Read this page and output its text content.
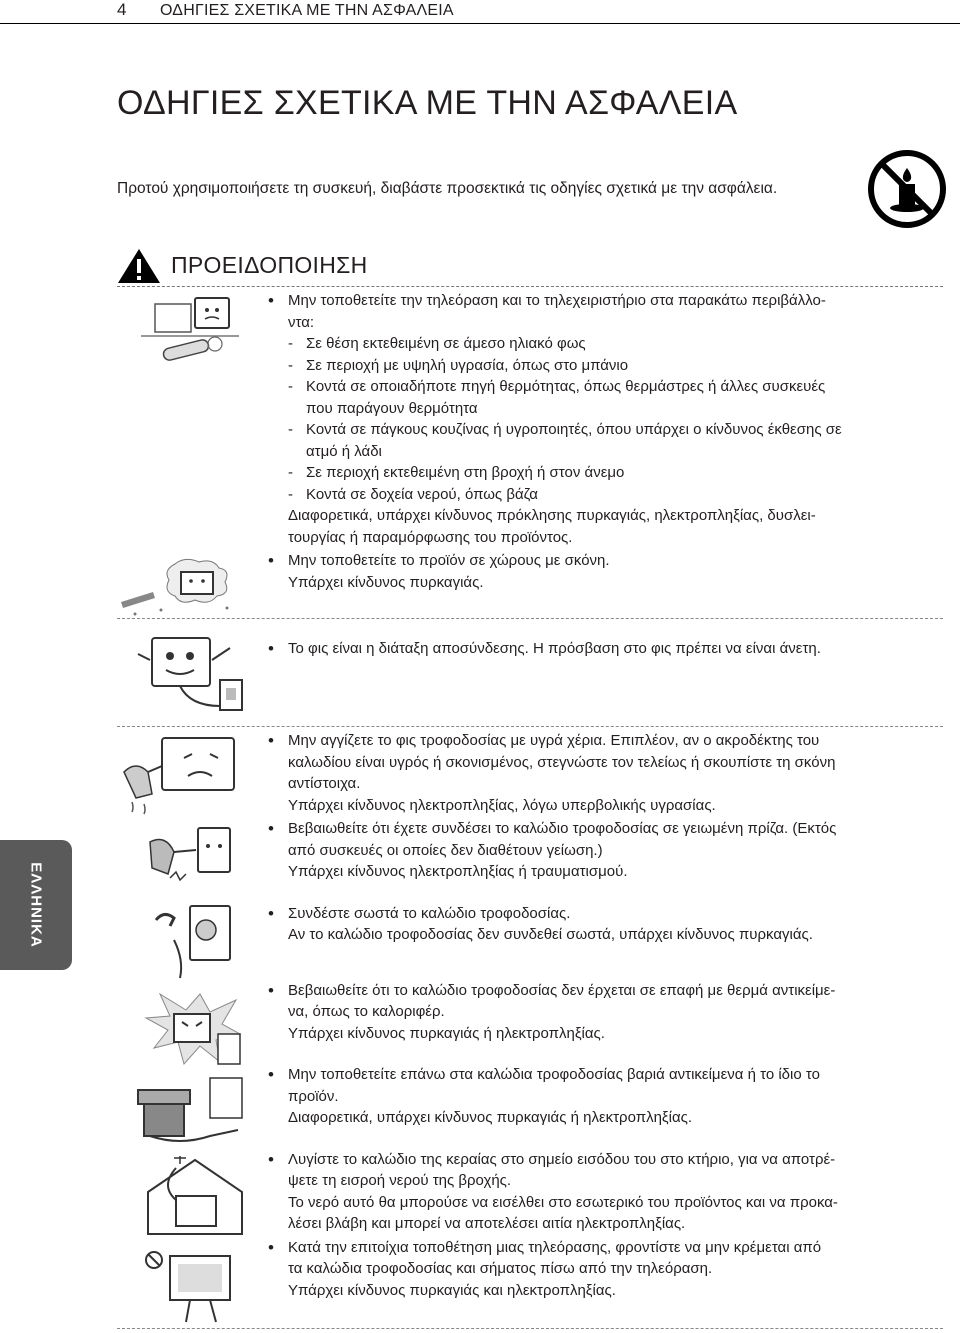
4 ΟΔΗΓΙΕΣ ΣΧΕΤΙΚΑ ΜΕ ΤΗΝ ΑΣΦΑΛΕΙΑ
ΟΔΗΓΙΕΣ ΣΧΕΤΙΚΑ ΜΕ ΤΗΝ ΑΣΦΑΛΕΙΑ
Προτού χρησιμοποιήσετε τη συσκευή, διαβάστε προσεκτικά τις οδηγίες σχετικά με την ασφάλεια.
ΠΡΟΕΙΔΟΠΟΙΗΣΗ
• Μην τοποθετείτε την τηλεόραση και το τηλεχειριστήριο στα παρακάτω περιβάλλο-
ντα:
- Σε θέση εκτεθειμένη σε άμεσο ηλιακό φως
- Σε περιοχή με υψηλή υγρασία, όπως στο μπάνιο
- Κοντά σε οποιαδήποτε πηγή θερμότητας, όπως θερμάστρες ή άλλες συσκευές
που παράγουν θερμότητα
- Κοντά σε πάγκους κουζίνας ή υγροποιητές, όπου υπάρχει ο κίνδυνος έκθεσης σε
ατμό ή λάδι
- Σε περιοχή εκτεθειμένη στη βροχή ή στον άνεμο
- Κοντά σε δοχεία νερού, όπως βάζα
Διαφορετικά, υπάρχει κίνδυνος πρόκλησης πυρκαγιάς, ηλεκτροπληξίας, δυσλει-
τουργίας ή παραμόρφωσης του προϊόντος.
• Μην τοποθετείτε το προϊόν σε χώρους με σκόνη.
Υπάρχει κίνδυνος πυρκαγιάς.
• Το φις είναι η διάταξη αποσύνδεσης. Η πρόσβαση στο φις πρέπει να είναι άνετη.
• Μην αγγίζετε το φις τροφοδοσίας με υγρά χέρια. Επιπλέον, αν ο ακροδέκτης του
καλωδίου είναι υγρός ή σκονισμένος, στεγνώστε τον τελείως ή σκουπίστε τη σκόνη
αντίστοιχα.
Υπάρχει κίνδυνος ηλεκτροπληξίας, λόγω υπερβολικής υγρασίας.
• Βεβαιωθείτε ότι έχετε συνδέσει το καλώδιο τροφοδοσίας σε γειωμένη πρίζα. (Εκτός
από συσκευές οι οποίες δεν διαθέτουν γείωση.)
Υπάρχει κίνδυνος ηλεκτροπληξίας ή τραυματισμού.
• Συνδέστε σωστά το καλώδιο τροφοδοσίας.
Αν το καλώδιο τροφοδοσίας δεν συνδεθεί σωστά, υπάρχει κίνδυνος πυρκαγιάς.
• Βεβαιωθείτε ότι το καλώδιο τροφοδοσίας δεν έρχεται σε επαφή με θερμά αντικείμε-
να, όπως το καλοριφέρ.
Υπάρχει κίνδυνος πυρκαγιάς ή ηλεκτροπληξίας.
• Μην τοποθετείτε επάνω στα καλώδια τροφοδοσίας βαριά αντικείμενα ή το ίδιο το
προϊόν.
Διαφορετικά, υπάρχει κίνδυνος πυρκαγιάς ή ηλεκτροπληξίας.
• Λυγίστε το καλώδιο της κεραίας στο σημείο εισόδου του στο κτήριο, για να αποτρέ-
ψετε τη εισροή νερού της βροχής.
Το νερό αυτό θα μπορούσε να εισέλθει στο εσωτερικό του προϊόντος και να προκα-
λέσει βλάβη και μπορεί να αποτελέσει αιτία ηλεκτροπληξίας.
• Κατά την επιτοίχια τοποθέτηση μιας τηλεόρασης, φροντίστε να μην κρέμεται από
τα καλώδια τροφοδοσίας και σήματος πίσω από την τηλεόραση.
Υπάρχει κίνδυνος πυρκαγιάς και ηλεκτροπληξίας.
ΕΛΛΗΝΙΚΑ
